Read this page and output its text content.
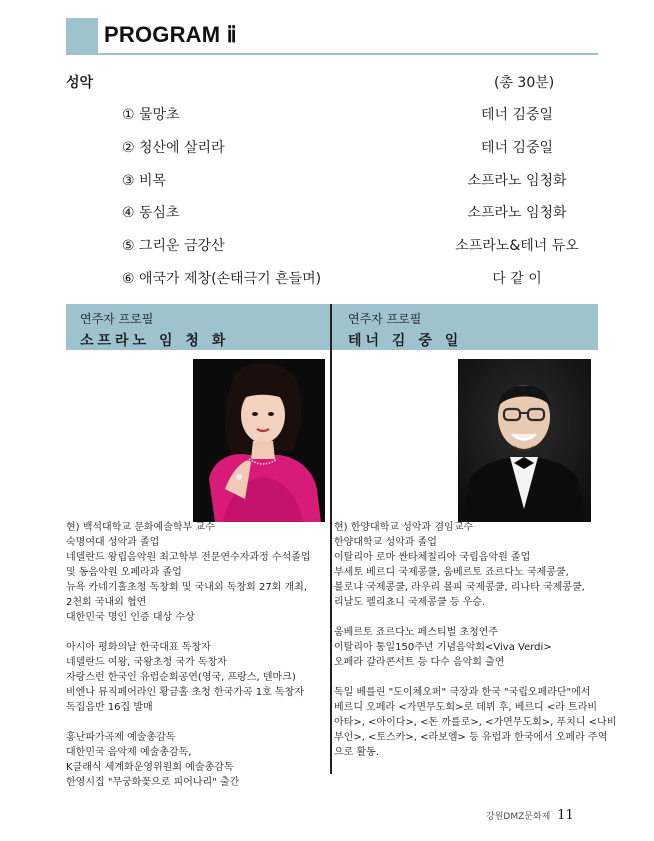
PROGRAM ⅱ
성악	(총 30분)
① 물망초	테너 김중일
② 청산에 살리라	테너 김중일
③ 비목	소프라노 임청화
④ 동심초	소프라노 임청화
⑤ 그리운 금강산	소프라노&테너 듀오
⑥ 애국가 제창(손태극기 흔들며)	다 같 이
연주자 프로필
소프라노 임 청 화
연주자 프로필
테너 김 중 일

현) 백석대학교 문화예술학부 교수

숙명여대 성악과 졸업

네델란드 왕립음악원 최고학부 전문연수자과정 수석졸업

및 동음악원 오페라과 졸업

뉴욕 카네기홀초청 독창회 및 국내외 독창회 27회 개최,

2천회 국내외 협연

대한민국 명인 인증 대상 수상

아시아 평화의날 한국대표 독창자

네델란드 여왕, 국왕초청 국가 독창자

자랑스런 한국인 유럽순회공연(영국, 프랑스, 덴마크)

비엔나 뮤직페어라인 황금홀 초청 한국가곡 1호 독창자

독집음반 16집 발매

홍난파가곡제 예술총감독

대한민국 음악제 예술총감독,

K클래식 세계화운영위원회 예술총감독

한영시집 "무궁화꽃으로 피어나리" 출간

현) 한양대학교 성악과 겸임교수

한양대학교 성악과 졸업

이탈리아 로마 싼타체칠리아 국립음악원 졸업

부세토 베르디 국제콩쿨, 움베르토 죠르다노 국제콩쿨,

볼로냐 국제콩쿨, 라우리 볼피 국제콩쿨, 리나타 국제콩쿨,

리날도 펠리쵸니 국제콩쿨 등 우승.

움베르토 죠르다노 페스티벌 초청연주

이탈리아 통일150주년 기념음악회<Viva Verdi>

오페라 갈라콘서트 등 다수 음악회 출연

독일 베를린 "도이체오퍼" 극장과 한국 "국립오페라단"에서

베르디 오페라 <가면무도회>로 데뷔 후, 베르디 <라 트라비

아타>, <아이다>, <돈 까를로>, <가면무도회>, 푸치니 <나비

부인>, <토스카>, <라보엠> 등 유럽과 한국에서 오페라 주역

으로 활동.

강원DMZ문화제 11
